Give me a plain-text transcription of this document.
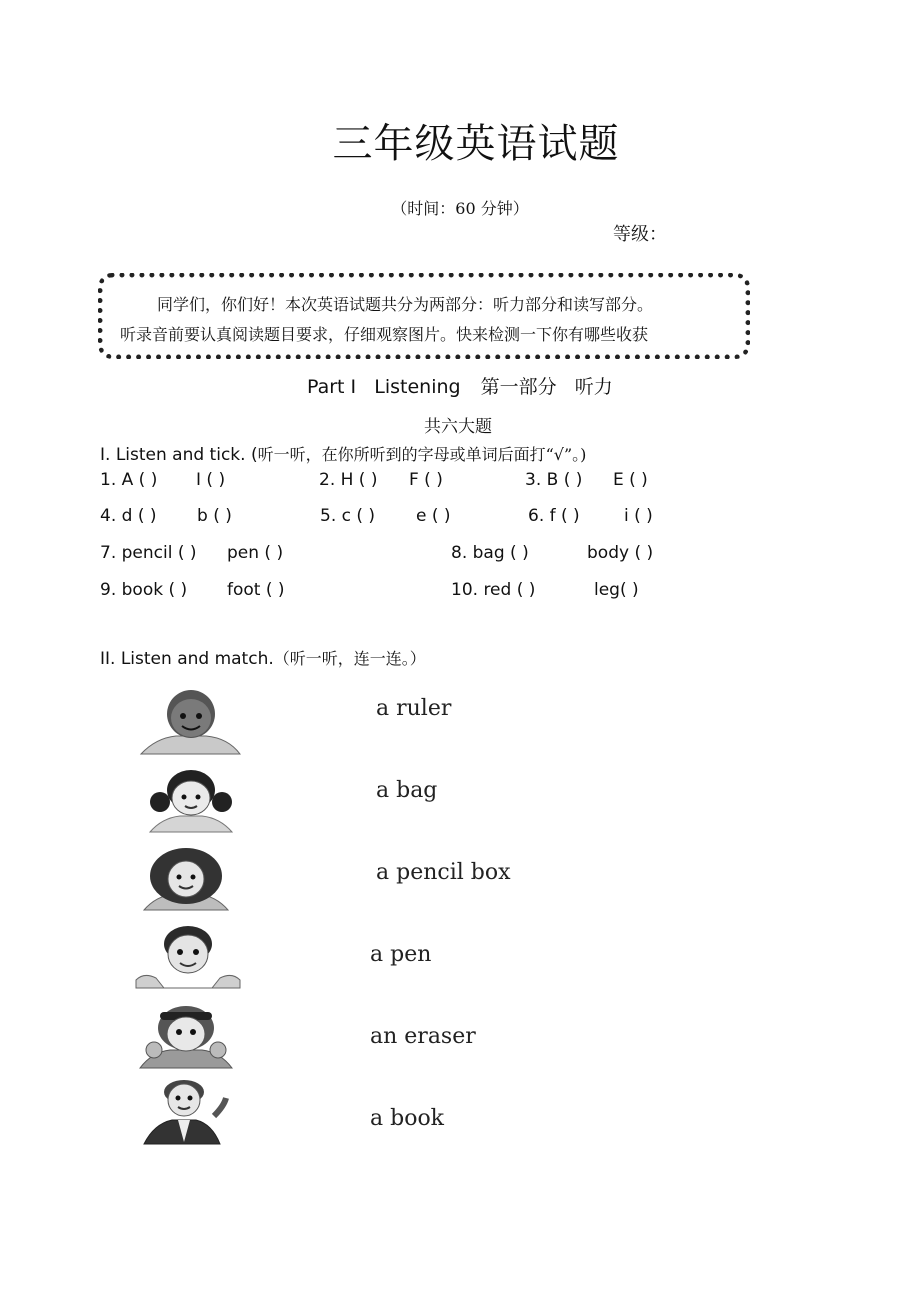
三年级英语试题
（时间：60 分钟）
等级：
同学们，你们好！本次英语试题共分为两部分：听力部分和读写部分。
听录音前要认真阅读题目要求，仔细观察图片。快来检测一下你有哪些收获
Part I   Listening 第一部分   听力
共六大题
I. Listen and tick. (听一听，在你所听到的字母或单词后面打“√”。)
1. A ( ) I ( )	2. H ( ) F ( )	3. B ( ) E ( )
4. d ( ) b ( )	5. c ( ) e ( )	6. f ( )	i ( )
7. pencil ( ) pen ( )	8. bag ( )	body ( )
9. book ( ) foot ( )	10. red ( )	leg( )
II. Listen and match.（听一听，连一连。）
a ruler
a bag
a pencil box
a pen
an eraser
a book
